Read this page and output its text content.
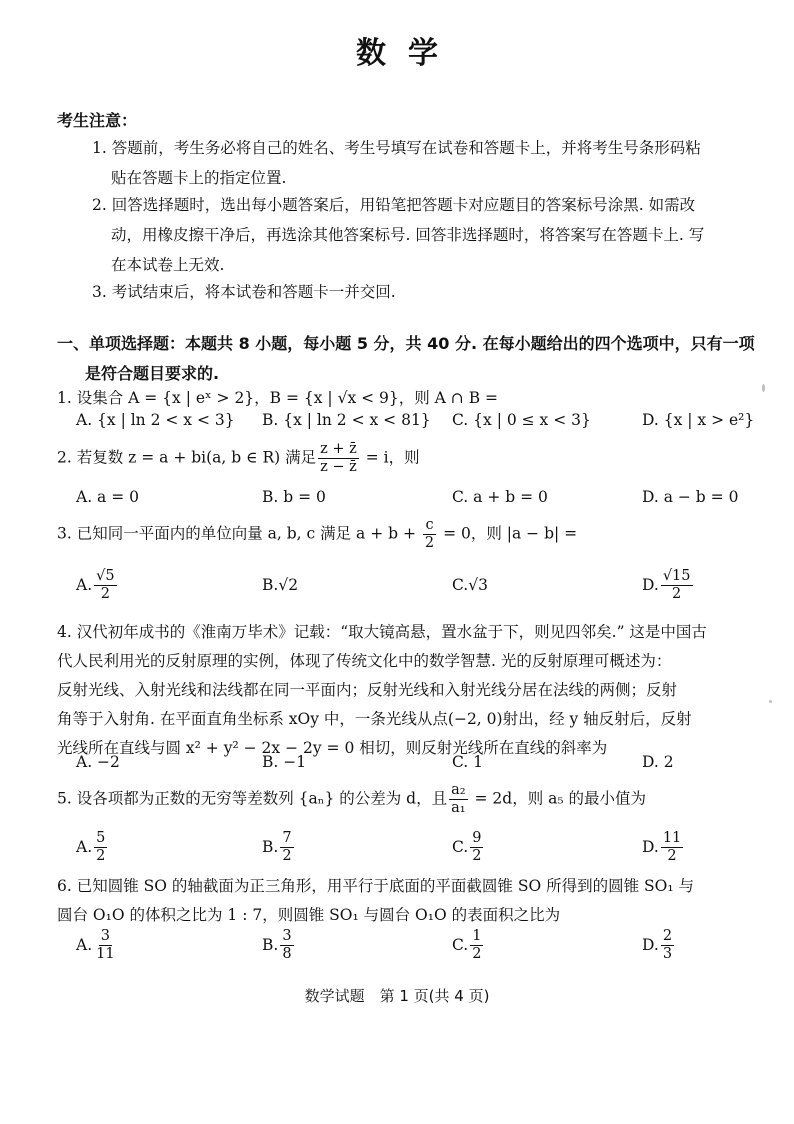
数学
考生注意：
1. 答题前，考生务必将自己的姓名、考生号填写在试卷和答题卡上，并将考生号条形码粘
贴在答题卡上的指定位置.
2. 回答选择题时，选出每小题答案后，用铅笔把答题卡对应题目的答案标号涂黑. 如需改
动，用橡皮擦干净后，再选涂其他答案标号. 回答非选择题时，将答案写在答题卡上. 写
在本试卷上无效.
3. 考试结束后，将本试卷和答题卡一并交回.
一、单项选择题：本题共 8 小题，每小题 5 分，共 40 分. 在每小题给出的四个选项中，只有一项
是符合题目要求的.
1. 设集合 A = {x | eˣ > 2}，B = {x | √x < 9}，则 A ∩ B =
A. {x | ln 2 < x < 3} B. {x | ln 2 < x < 81} C. {x | 0 ≤ x < 3}	D. {x | x > e²}
2. 若复数 z = a + bi(a, b ∈ R) 满足 $\frac{z + z̄}{z - z̄} = i$，则
A. a = 0	B. b = 0	C. a + b = 0	D. a − b = 0
3. 已知同一平面内的单位向量 a, b, c 满足 $a + b + \frac{c}{2} = 0$，则 |a − b| =
A. $\frac{√5}{2}$	B. √2	C. √3	D. $\frac{√15}{2}$
4. 汉代初年成书的《淮南万毕术》记载：“取大镜高悬，置水盆于下，则见四邻矣.” 这是中国古
代人民利用光的反射原理的实例，体现了传统文化中的数学智慧. 光的反射原理可概述为：
反射光线、入射光线和法线都在同一平面内；反射光线和入射光线分居在法线的两侧；反射
角等于入射角. 在平面直角坐标系 xOy 中，一条光线从点(−2, 0)射出，经 y 轴反射后，反射
光线所在直线与圆 x² + y² − 2x − 2y = 0 相切，则反射光线所在直线的斜率为
A. −2	B. −1	C. 1	D. 2
5. 设各项都为正数的无穷等差数列 {aₙ} 的公差为 d，且 $\frac{\text{a₂}}{\text{a₁}} = 2d$，则 a₅ 的最小值为
A. $\frac{5}{2}$	B. $\frac{7}{2}$	C. $\frac{9}{2}$	D. $\frac{11}{2}$
6. 已知圆锥 SO 的轴截面为正三角形，用平行于底面的平面截圆锥 SO 所得到的圆锥 SO₁ 与
圆台 O₁O 的体积之比为 1 : 7，则圆锥 SO₁ 与圆台 O₁O 的表面积之比为
A. $\frac{3}{11}$	B. $\frac{3}{8}$	C. $\frac{1}{2}$	D. $\frac{2}{3}$
数学试题　第 1 页(共 4 页)
